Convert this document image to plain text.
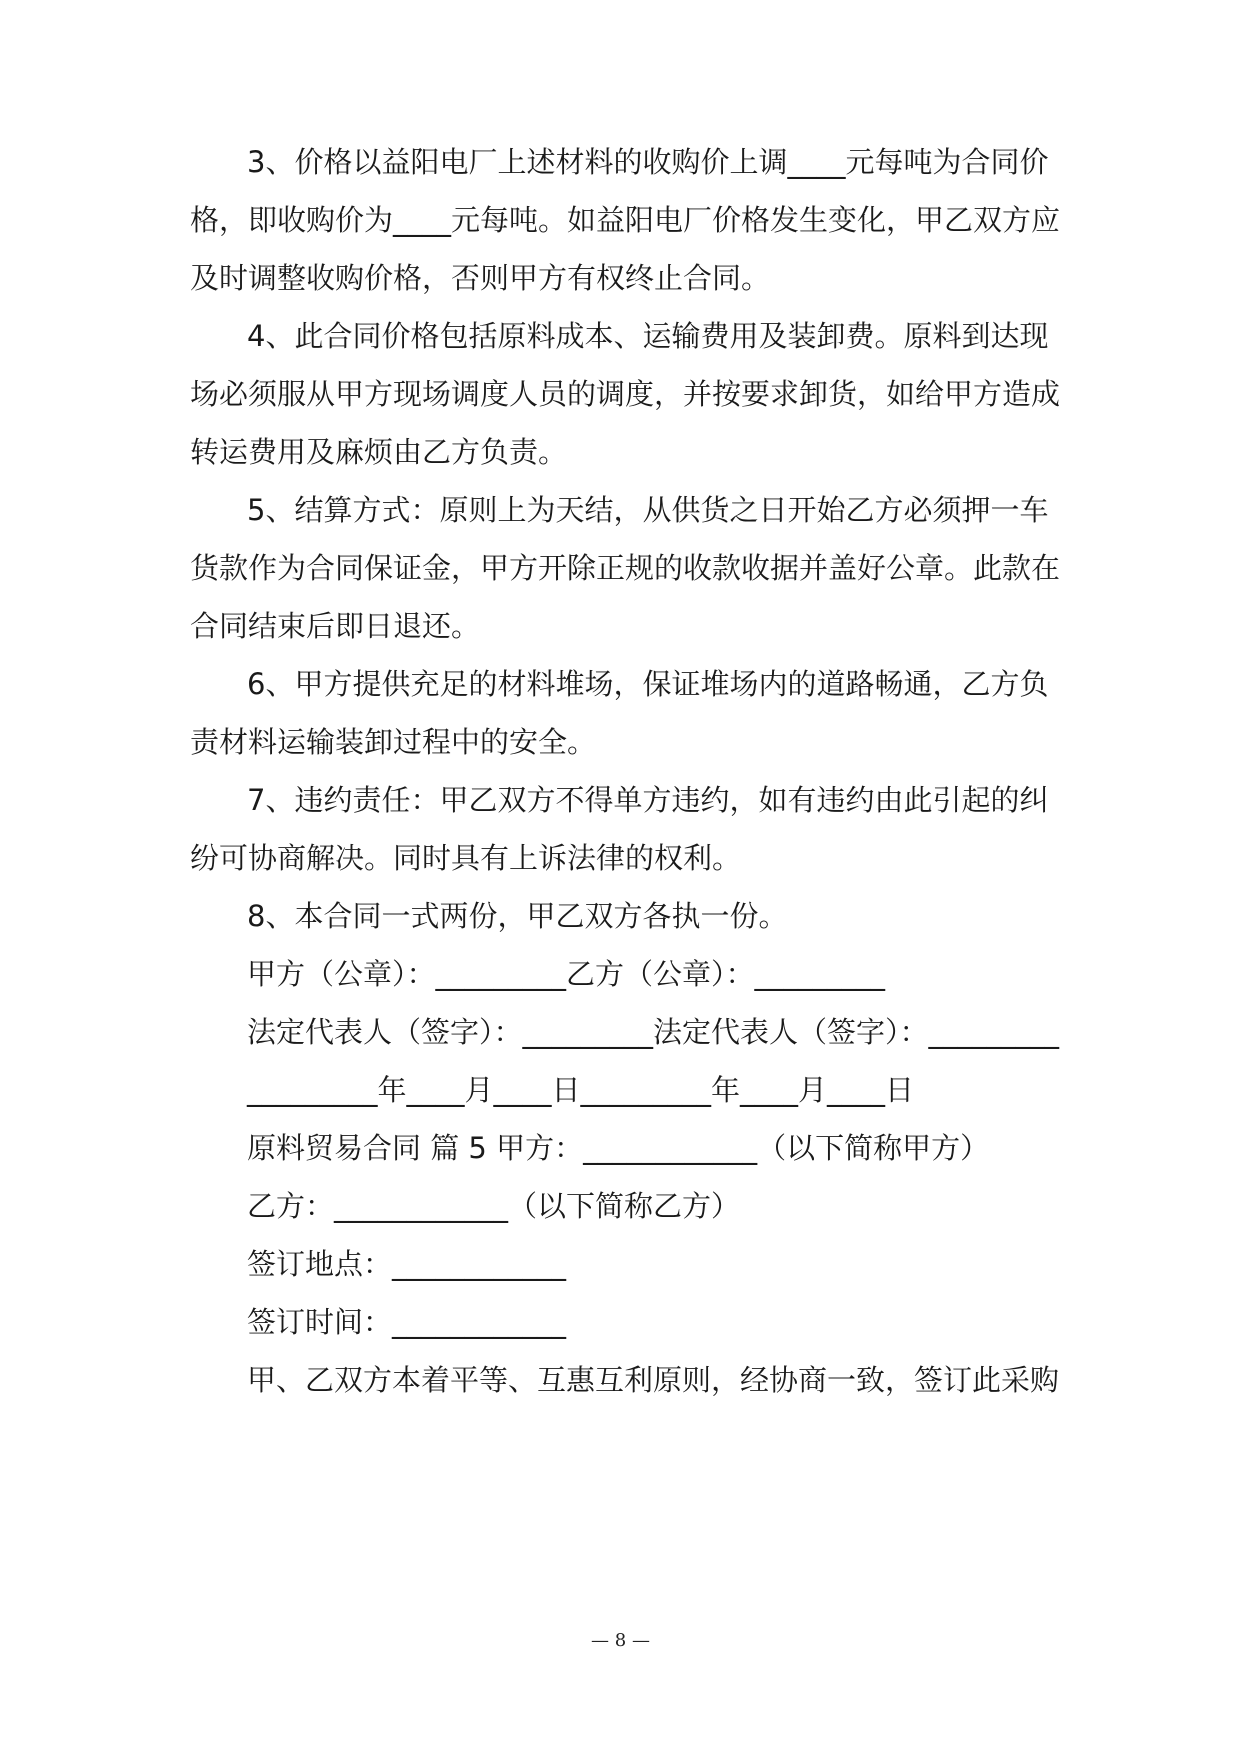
3、价格以益阳电厂上述材料的收购价上调____元每吨为合同价
格，即收购价为____元每吨。如益阳电厂价格发生变化，甲乙双方应
及时调整收购价格，否则甲方有权终止合同。
4、此合同价格包括原料成本、运输费用及装卸费。原料到达现
场必须服从甲方现场调度人员的调度，并按要求卸货，如给甲方造成
转运费用及麻烦由乙方负责。
5、结算方式：原则上为天结，从供货之日开始乙方必须押一车
货款作为合同保证金，甲方开除正规的收款收据并盖好公章。此款在
合同结束后即日退还。
6、甲方提供充足的材料堆场，保证堆场内的道路畅通，乙方负
责材料运输装卸过程中的安全。
7、违约责任：甲乙双方不得单方违约，如有违约由此引起的纠
纷可协商解决。同时具有上诉法律的权利。
8、本合同一式两份，甲乙双方各执一份。
甲方（公章）：_________乙方（公章）：_________
法定代表人（签字）：_________法定代表人（签字）：_________
_________年____月____日_________年____月____日
原料贸易合同 篇 5 甲方：____________（以下简称甲方）
乙方：____________（以下简称乙方）
签订地点：____________
签订时间：____________
甲、乙双方本着平等、互惠互利原则，经协商一致，签订此采购
— 8 —
